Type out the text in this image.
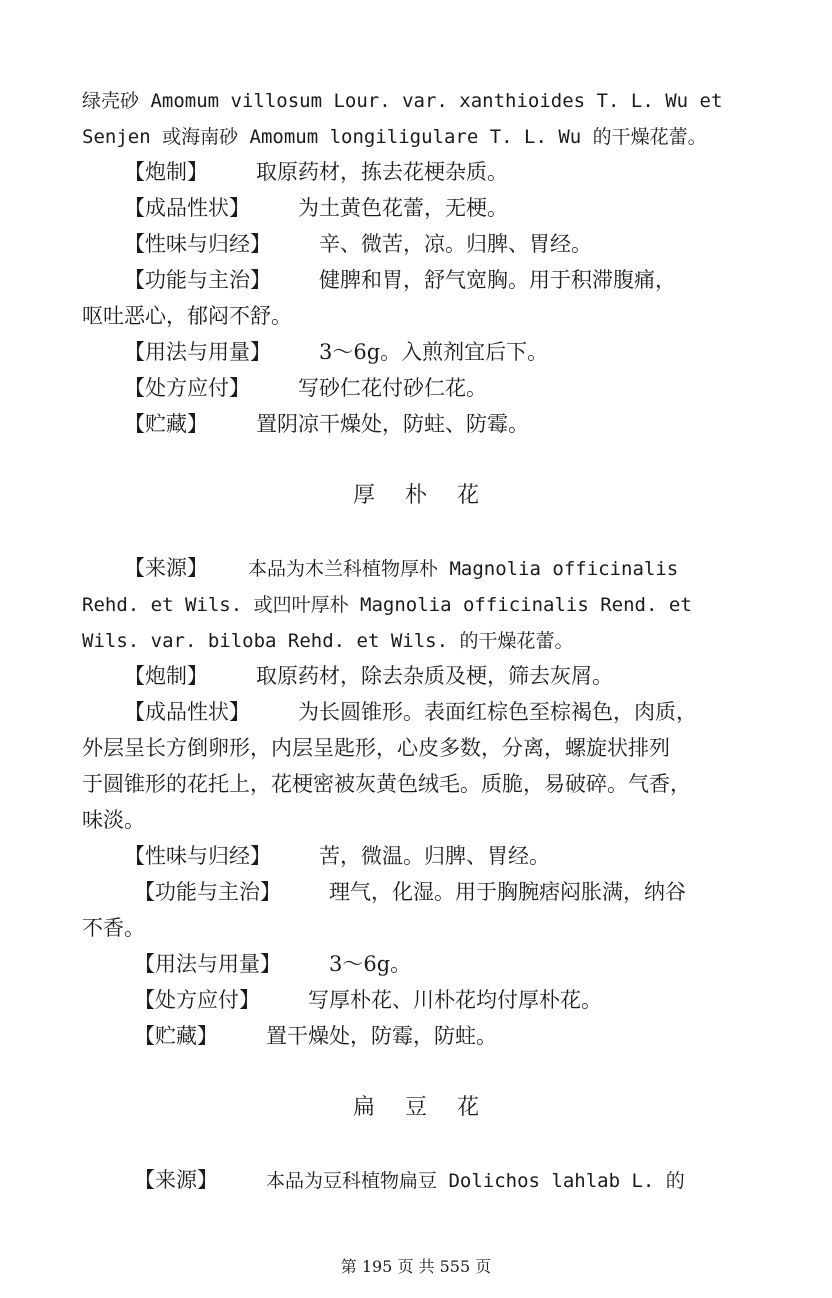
绿壳砂 Amomum villosum Lour. var. xanthioides T. L. Wu et
Senjen 或海南砂 Amomum longiligulare T. L. Wu 的干燥花蕾。
【炮制】 取原药材，拣去花梗杂质。
【成品性状】 为土黄色花蕾，无梗。
【性味与归经】 辛、微苦，凉。归脾、胃经。
【功能与主治】 健脾和胃，舒气宽胸。用于积滞腹痛，
呕吐恶心，郁闷不舒。
【用法与用量】 3～6g。入煎剂宜后下。
【处方应付】 写砂仁花付砂仁花。
【贮藏】 置阴凉干燥处，防蛀、防霉。
厚朴花
【来源】 本品为木兰科植物厚朴 Magnolia officinalis
Rehd. et Wils. 或凹叶厚朴 Magnolia officinalis Rend. et
Wils. var. biloba Rehd. et Wils. 的干燥花蕾。
【炮制】 取原药材，除去杂质及梗，筛去灰屑。
【成品性状】 为长圆锥形。表面红棕色至棕褐色，肉质，
外层呈长方倒卵形，内层呈匙形，心皮多数，分离，螺旋状排列
于圆锥形的花托上，花梗密被灰黄色绒毛。质脆，易破碎。气香，
味淡。
【性味与归经】 苦，微温。归脾、胃经。
【功能与主治】 理气，化湿。用于胸腕痞闷胀满，纳谷
不香。
【用法与用量】 3～6g。
【处方应付】 写厚朴花、川朴花均付厚朴花。
【贮藏】 置干燥处，防霉，防蛀。
扁豆花
【来源】	本品为豆科植物扁豆 Dolichos lahlab L. 的
第 195 页 共 555 页
